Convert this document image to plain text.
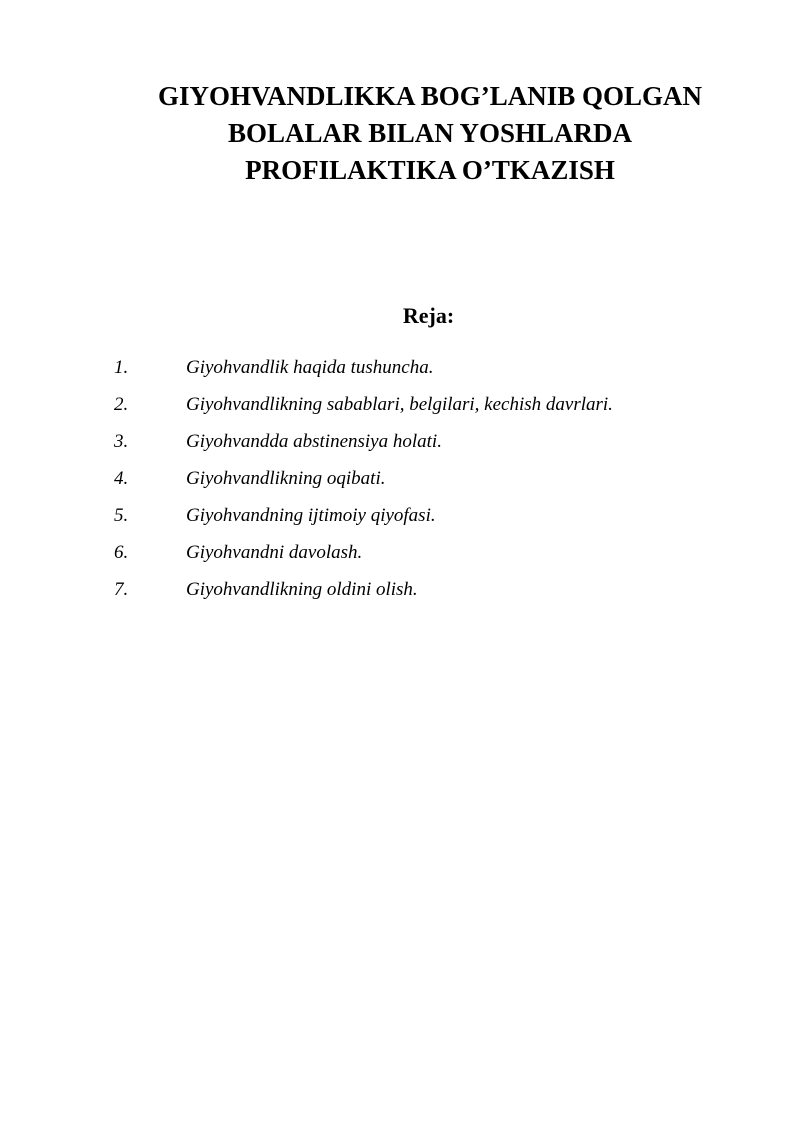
GIYOHVANDLIKKA BOG’LANIB QOLGAN
BOLALAR BILAN YOSHLARDA
PROFILAKTIKA O’TKAZISH
Reja:
1.	Giyohvandlik haqida tushuncha.
2.	Giyohvandlikning sabablari, belgilari, kechish davrlari.
3.	Giyohvandda abstinensiya holati.
4.	Giyohvandlikning oqibati.
5.	Giyohvandning ijtimoiy qiyofasi.
6.	Giyohvandni davolash.
7.	Giyohvandlikning oldini olish.
